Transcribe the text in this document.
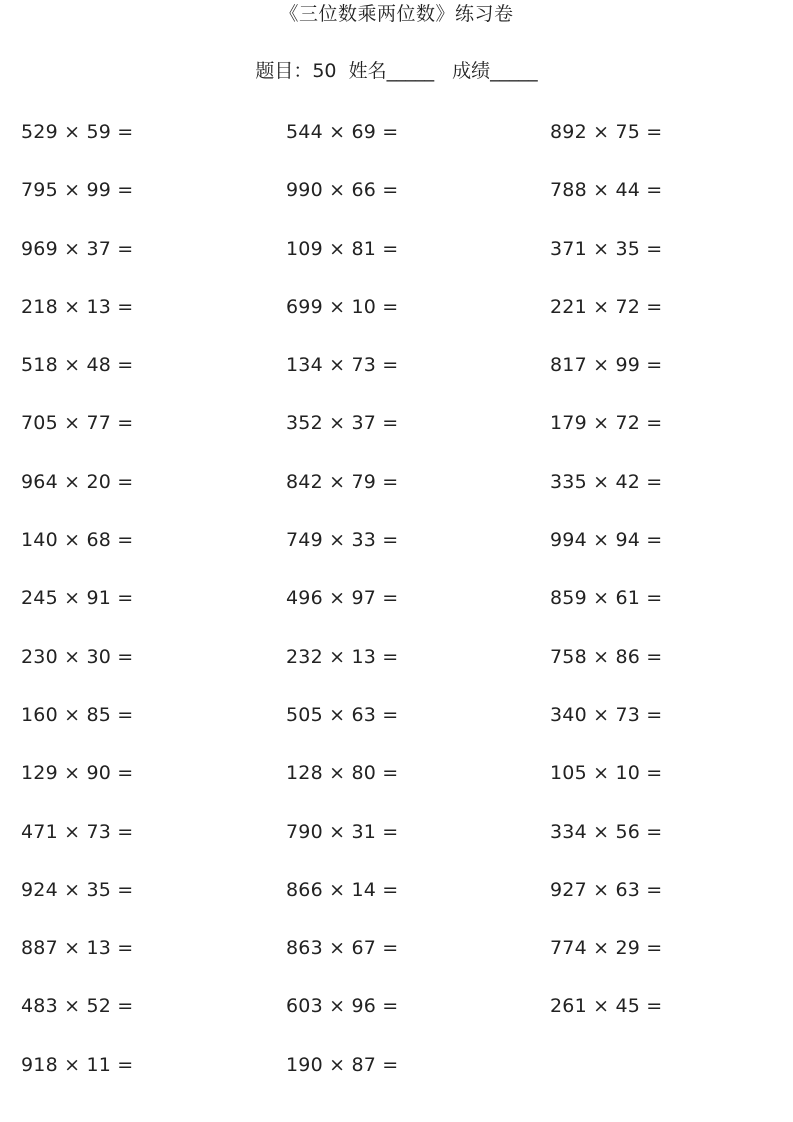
《三位数乘两位数》练习卷
题目：50  姓名_____   成绩_____
529 × 59 =	544 × 69 =	892 × 75 =
795 × 99 =	990 × 66 =	788 × 44 =
969 × 37 =	109 × 81 =	371 × 35 =
218 × 13 =	699 × 10 =	221 × 72 =
518 × 48 =	134 × 73 =	817 × 99 =
705 × 77 =	352 × 37 =	179 × 72 =
964 × 20 =	842 × 79 =	335 × 42 =
140 × 68 =	749 × 33 =	994 × 94 =
245 × 91 =	496 × 97 =	859 × 61 =
230 × 30 =	232 × 13 =	758 × 86 =
160 × 85 =	505 × 63 =	340 × 73 =
129 × 90 =	128 × 80 =	105 × 10 =
471 × 73 =	790 × 31 =	334 × 56 =
924 × 35 =	866 × 14 =	927 × 63 =
887 × 13 =	863 × 67 =	774 × 29 =
483 × 52 =	603 × 96 =	261 × 45 =
918 × 11 =	190 × 87 =
